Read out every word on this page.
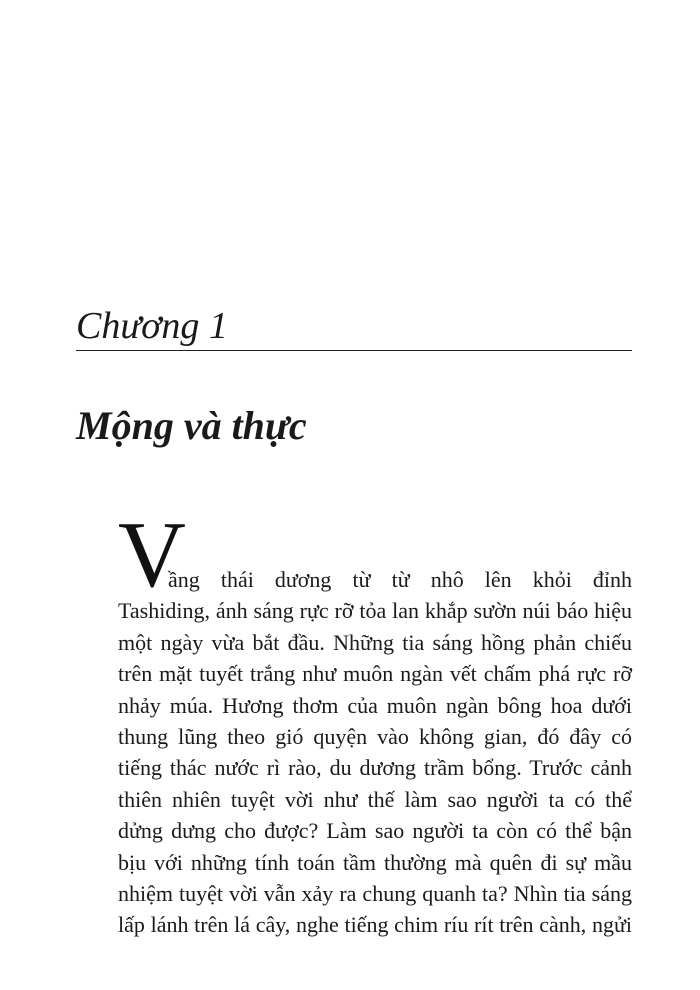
Chương 1
Mộng và thực
V
ầng thái dương từ từ nhô lên khỏi đỉnh
Tashiding, ánh sáng rực rỡ tỏa lan khắp sườn núi báo hiệu
một ngày vừa bắt đầu. Những tia sáng hồng phản chiếu
trên mặt tuyết trắng như muôn ngàn vết chấm phá rực rỡ
nhảy múa. Hương thơm của muôn ngàn bông hoa dưới
thung lũng theo gió quyện vào không gian, đó đây có
tiếng thác nước rì rào, du dương trầm bổng. Trước cảnh
thiên nhiên tuyệt vời như thế làm sao người ta có thể
dửng dưng cho được? Làm sao người ta còn có thể bận
bịu với những tính toán tầm thường mà quên đi sự mầu
nhiệm tuyệt vời vẫn xảy ra chung quanh ta? Nhìn tia sáng
lấp lánh trên lá cây, nghe tiếng chim ríu rít trên cành, ngửi
